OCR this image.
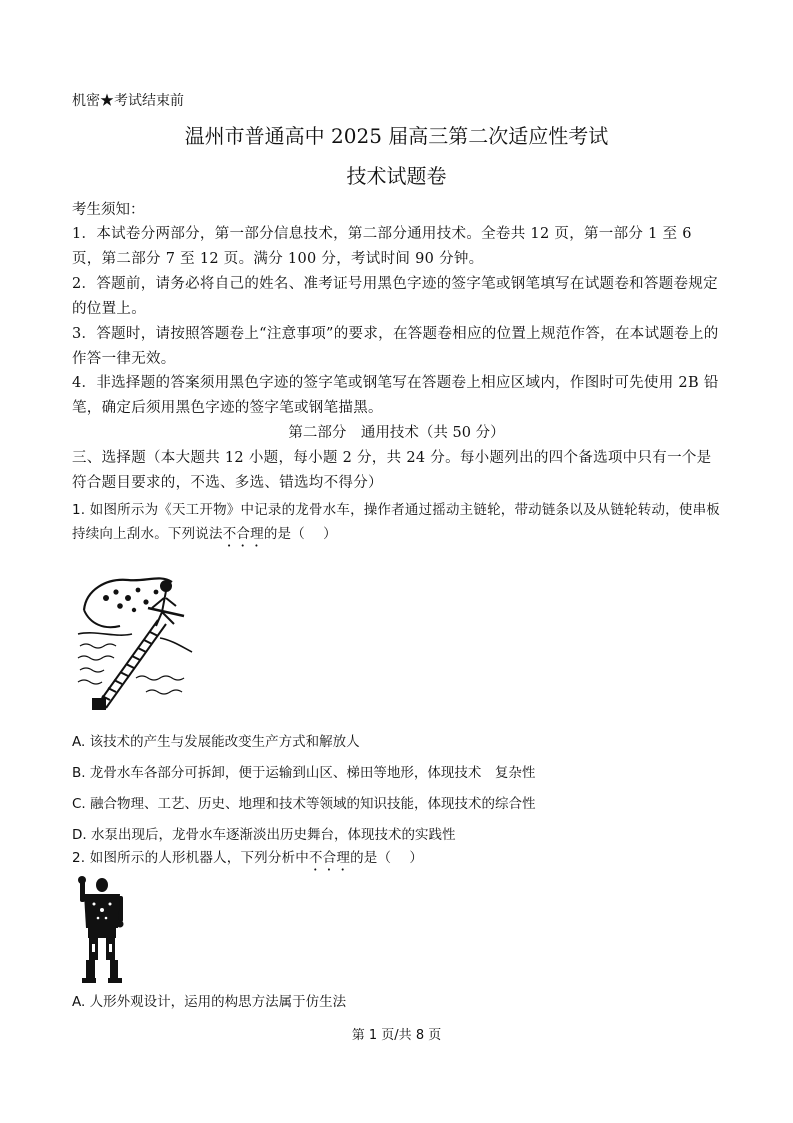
机密★考试结束前
温州市普通高中 2025 届高三第二次适应性考试
技术试题卷
考生须知：
1．本试卷分两部分，第一部分信息技术，第二部分通用技术。全卷共 12 页，第一部分 1 至 6 页，第二部分 7 至 12 页。满分 100 分，考试时间 90 分钟。
2．答题前，请务必将自己的姓名、准考证号用黑色字迹的签字笔或钢笔填写在试题卷和答题卷规定的位置上。
3．答题时，请按照答题卷上“注意事项”的要求，在答题卷相应的位置上规范作答，在本试题卷上的作答一律无效。
4．非选择题的答案须用黑色字迹的签字笔或钢笔写在答题卷上相应区域内，作图时可先使用 2B 铅笔，确定后须用黑色字迹的签字笔或钢笔描黑。
第二部分　通用技术（共 50 分）
三、选择题（本大题共 12 小题，每小题 2 分，共 24 分。每小题列出的四个备选项中只有一个是符合题目要求的，不选、多选、错选均不得分）
1. 如图所示为《天工开物》中记录的龙骨水车，操作者通过摇动主链轮，带动链条以及从链轮转动，使串板持续向上刮水。下列说法不合理的是（　 ）
A. 该技术的产生与发展能改变生产方式和解放人
B. 龙骨水车各部分可拆卸，便于运输到山区、梯田等地形，体现技术　复杂性
C. 融合物理、工艺、历史、地理和技术等领域的知识技能，体现技术的综合性
D. 水泵出现后，龙骨水车逐渐淡出历史舞台，体现技术的实践性
2. 如图所示的人形机器人，下列分析中不合理的是（　 ）
A. 人形外观设计，运用的构思方法属于仿生法
第 1 页/共 8 页
